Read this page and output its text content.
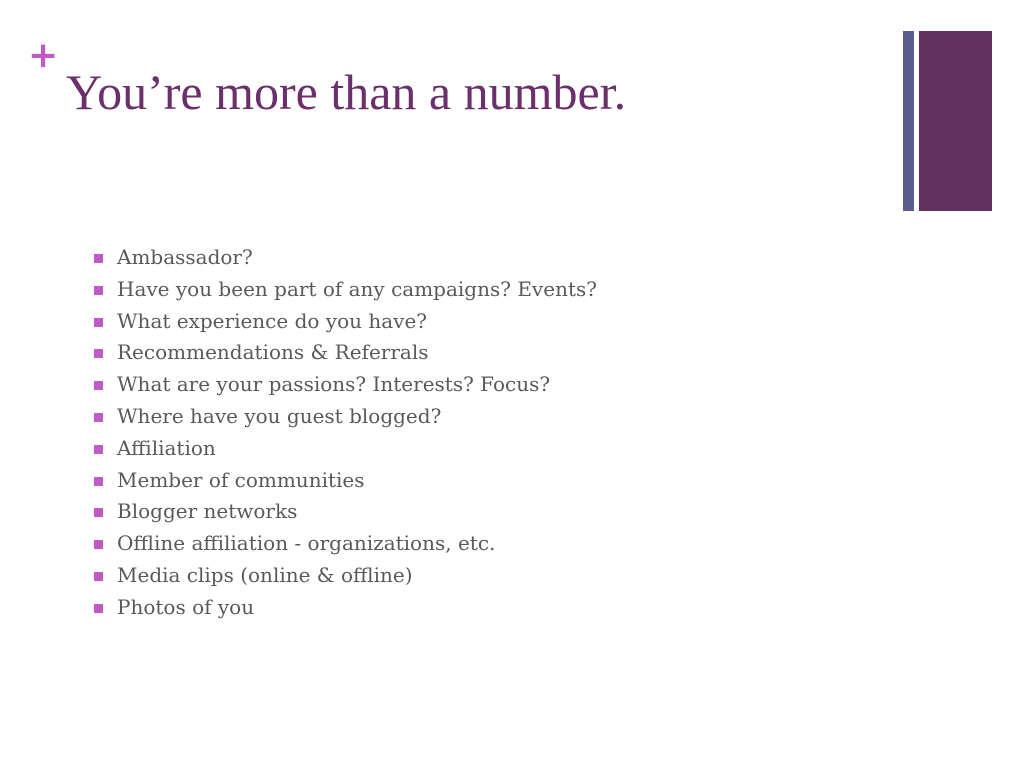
+
You’re more than a number.
Ambassador?
Have you been part of any campaigns? Events?
What experience do you have?
Recommendations & Referrals
What are your passions? Interests? Focus?
Where have you guest blogged?
Affiliation
Member of communities
Blogger networks
Offline affiliation - organizations, etc.
Media clips (online & offline)
Photos of you
